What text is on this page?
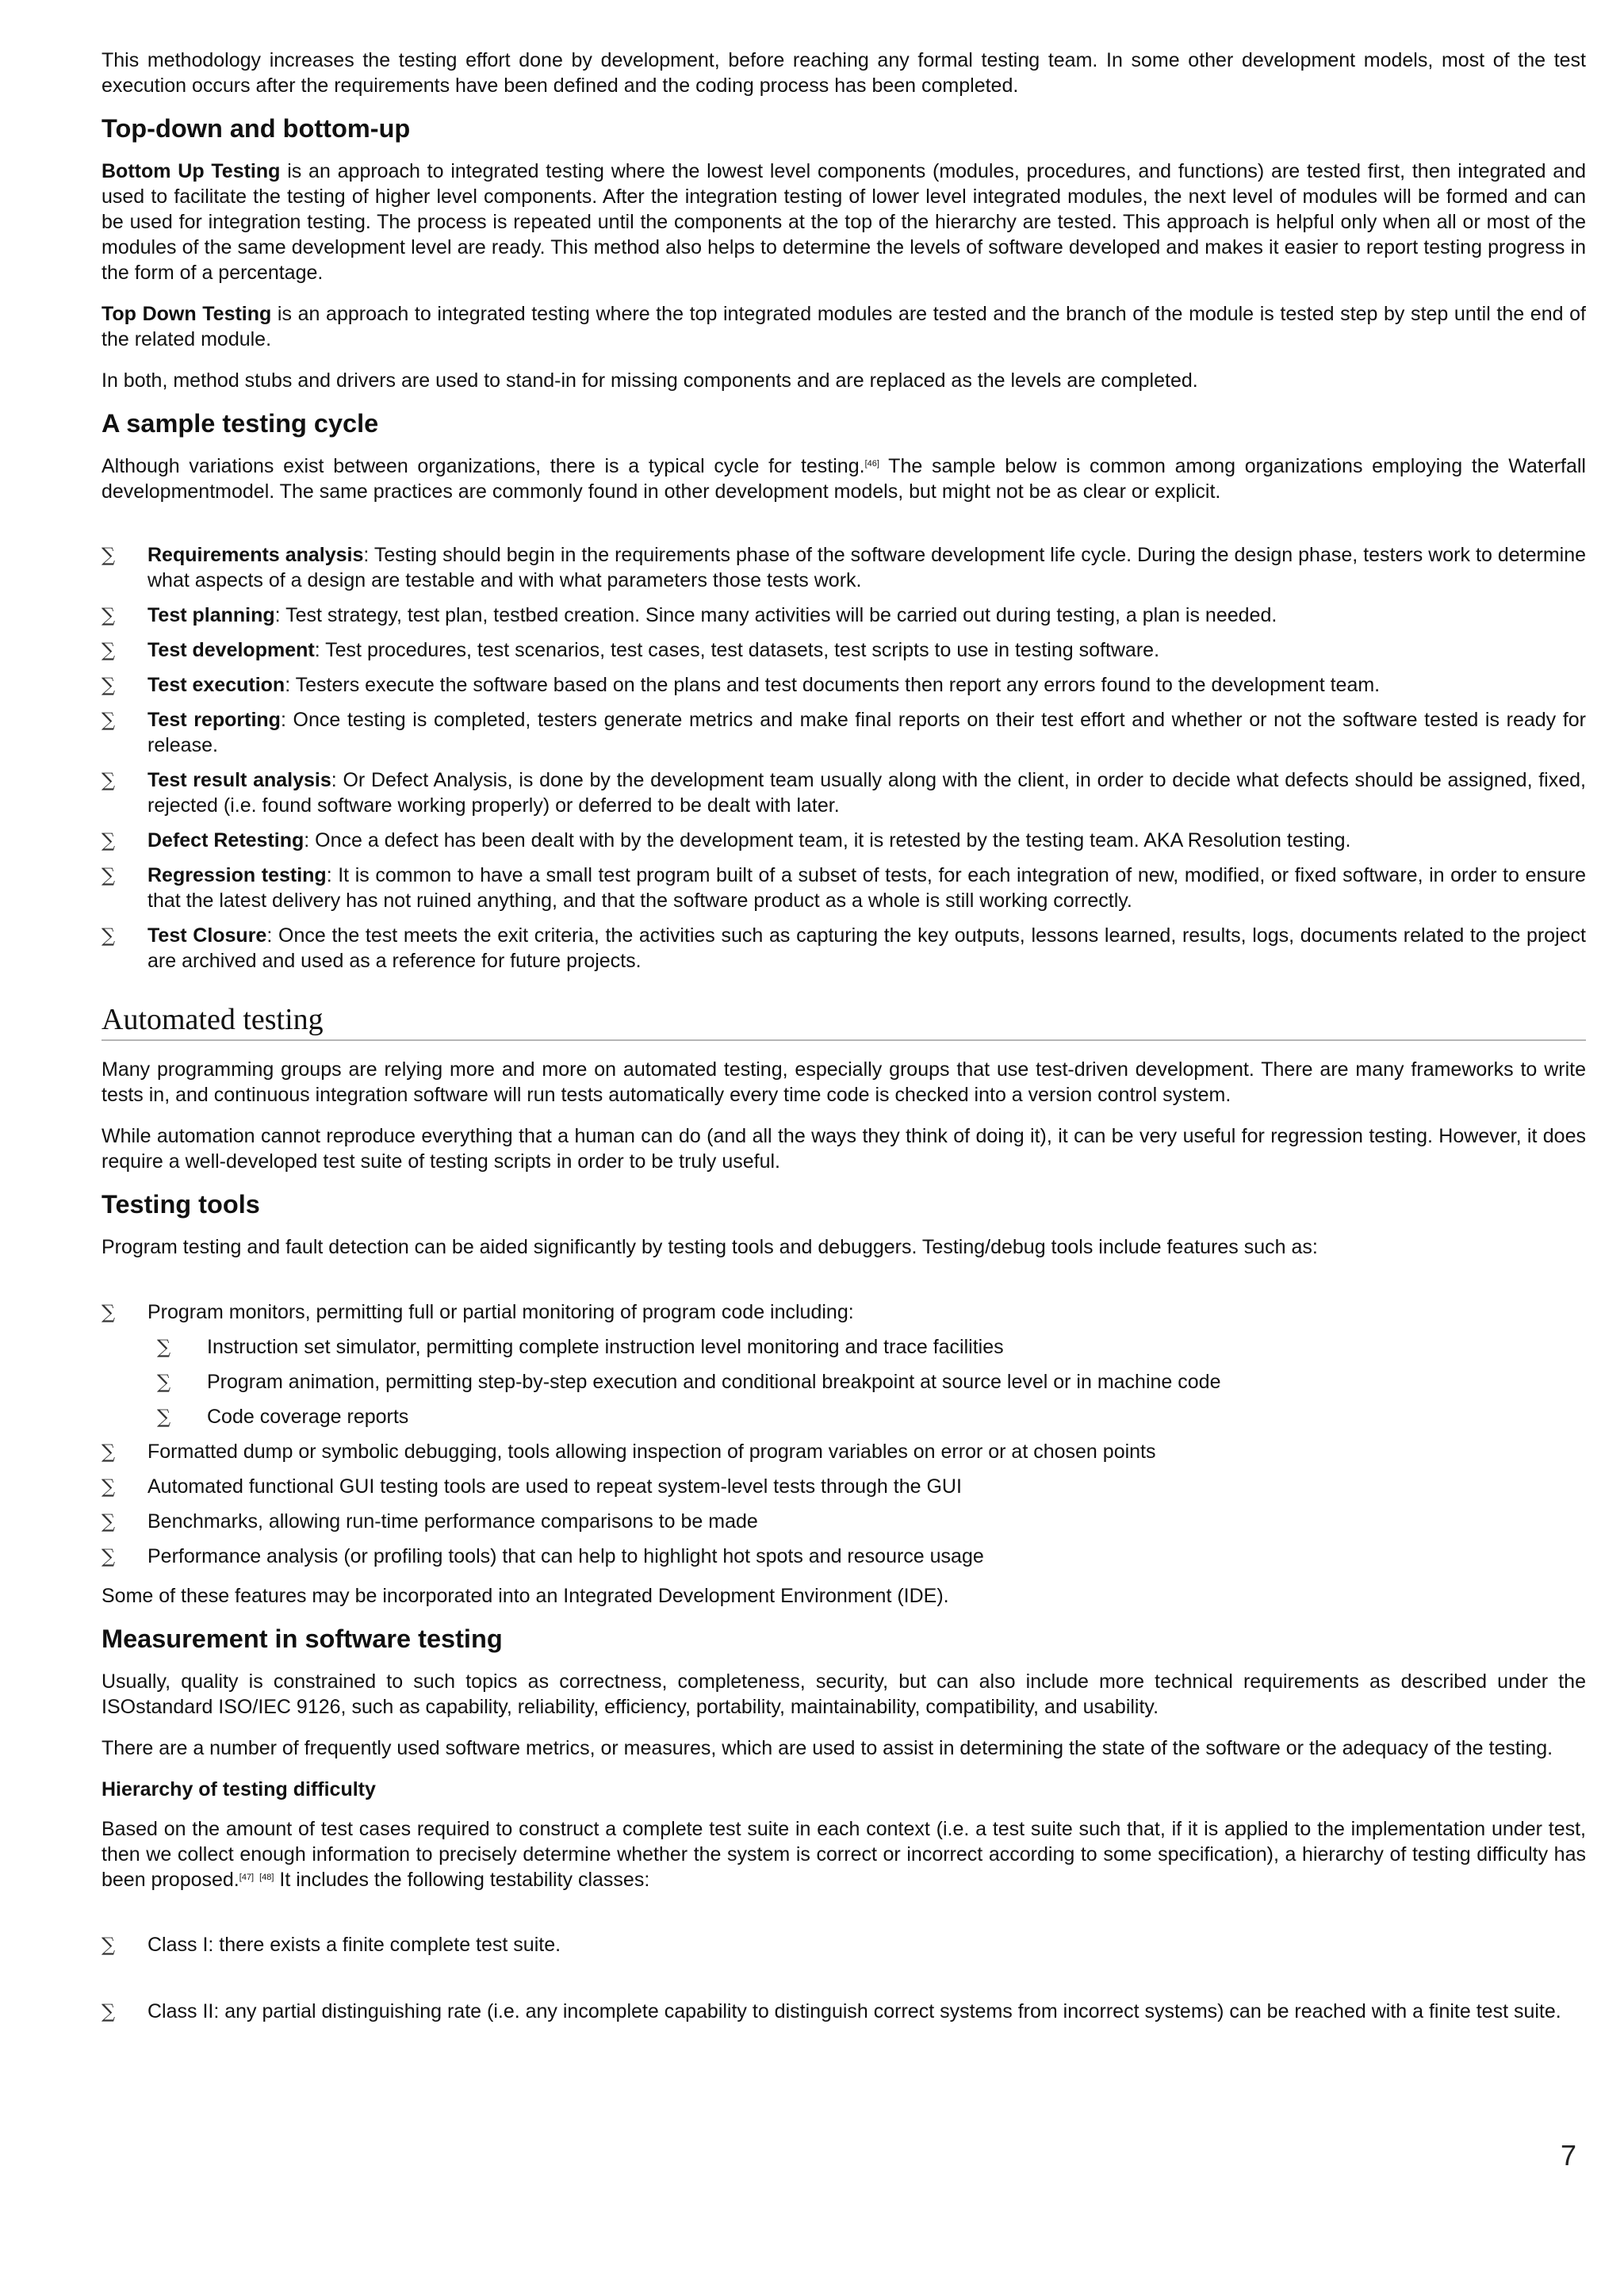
This methodology increases the testing effort done by development, before reaching any formal testing team. In some other development models, most of the test execution occurs after the requirements have been defined and the coding process has been completed.

Top-down and bottom-up

Bottom Up Testing is an approach to integrated testing where the lowest level components (modules, procedures, and functions) are tested first, then integrated and used to facilitate the testing of higher level components. After the integration testing of lower level integrated modules, the next level of modules will be formed and can be used for integration testing. The process is repeated until the components at the top of the hierarchy are tested. This approach is helpful only when all or most of the modules of the same development level are ready. This method also helps to determine the levels of software developed and makes it easier to report testing progress in the form of a percentage.

Top Down Testing is an approach to integrated testing where the top integrated modules are tested and the branch of the module is tested step by step until the end of the related module.

In both, method stubs and drivers are used to stand-in for missing components and are replaced as the levels are completed.

A sample testing cycle

Although variations exist between organizations, there is a typical cycle for testing.[46] The sample below is common among organizations employing the Waterfall developmentmodel. The same practices are commonly found in other development models, but might not be as clear or explicit.

∑ Requirements analysis: Testing should begin in the requirements phase of the software development life cycle. During the design phase, testers work to determine what aspects of a design are testable and with what parameters those tests work.
∑ Test planning: Test strategy, test plan, testbed creation. Since many activities will be carried out during testing, a plan is needed.
∑ Test development: Test procedures, test scenarios, test cases, test datasets, test scripts to use in testing software.
∑ Test execution: Testers execute the software based on the plans and test documents then report any errors found to the development team.
∑ Test reporting: Once testing is completed, testers generate metrics and make final reports on their test effort and whether or not the software tested is ready for release.
∑ Test result analysis: Or Defect Analysis, is done by the development team usually along with the client, in order to decide what defects should be assigned, fixed, rejected (i.e. found software working properly) or deferred to be dealt with later.
∑ Defect Retesting: Once a defect has been dealt with by the development team, it is retested by the testing team. AKA Resolution testing.
∑ Regression testing: It is common to have a small test program built of a subset of tests, for each integration of new, modified, or fixed software, in order to ensure that the latest delivery has not ruined anything, and that the software product as a whole is still working correctly.
∑ Test Closure: Once the test meets the exit criteria, the activities such as capturing the key outputs, lessons learned, results, logs, documents related to the project are archived and used as a reference for future projects.
Automated testing

Many programming groups are relying more and more on automated testing, especially groups that use test-driven development. There are many frameworks to write tests in, and continuous integration software will run tests automatically every time code is checked into a version control system.

While automation cannot reproduce everything that a human can do (and all the ways they think of doing it), it can be very useful for regression testing. However, it does require a well-developed test suite of testing scripts in order to be truly useful.

Testing tools

Program testing and fault detection can be aided significantly by testing tools and debuggers. Testing/debug tools include features such as:

∑ Program monitors, permitting full or partial monitoring of program code including:
∑ Instruction set simulator, permitting complete instruction level monitoring and trace facilities
∑ Program animation, permitting step-by-step execution and conditional breakpoint at source level or in machine code
∑ Code coverage reports
∑ Formatted dump or symbolic debugging, tools allowing inspection of program variables on error or at chosen points
∑ Automated functional GUI testing tools are used to repeat system-level tests through the GUI
∑ Benchmarks, allowing run-time performance comparisons to be made
∑ Performance analysis (or profiling tools) that can help to highlight hot spots and resource usage

Some of these features may be incorporated into an Integrated Development Environment (IDE).

Measurement in software testing

Usually, quality is constrained to such topics as correctness, completeness, security, but can also include more technical requirements as described under the ISOstandard ISO/IEC 9126, such as capability, reliability, efficiency, portability, maintainability, compatibility, and usability.

There are a number of frequently used software metrics, or measures, which are used to assist in determining the state of the software or the adequacy of the testing.

Hierarchy of testing difficulty

Based on the amount of test cases required to construct a complete test suite in each context (i.e. a test suite such that, if it is applied to the implementation under test, then we collect enough information to precisely determine whether the system is correct or incorrect according to some specification), a hierarchy of testing difficulty has been proposed.[47] [48] It includes the following testability classes:

∑ Class I: there exists a finite complete test suite.
∑ Class II: any partial distinguishing rate (i.e. any incomplete capability to distinguish correct systems from incorrect systems) can be reached with a finite test suite.
7
